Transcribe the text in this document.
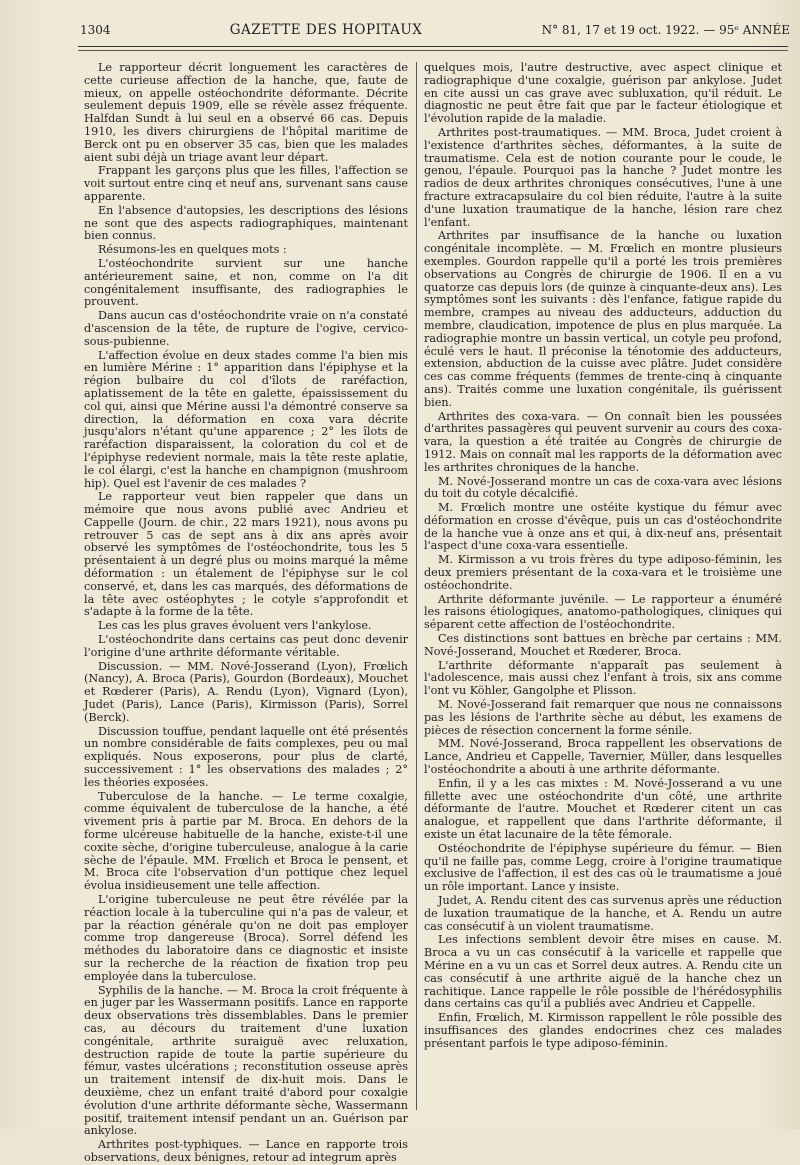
1304	GAZETTE DES HOPITAUX	N° 81, 17 et 19 oct. 1922. — 95ᵉ ANNÉE

Le rapporteur décrit longuement les caractères de cette curieuse affection de la hanche, que, faute de mieux, on appelle ostéochondrite déformante. Décrite seulement depuis 1909, elle se révèle assez fréquente. Halfdan Sundt à lui seul en a observé 66 cas. Depuis 1910, les divers chirurgiens de l'hôpital maritime de Berck ont pu en observer 35 cas, bien que les malades aient subi déjà un triage avant leur départ.

Frappant les garçons plus que les filles, l'affection se voit surtout entre cinq et neuf ans, survenant sans cause apparente.

En l'absence d'autopsies, les descriptions des lésions ne sont que des aspects radiographiques, maintenant bien connus.

Résumons-les en quelques mots :

L'ostéochondrite survient sur une hanche antérieurement saine, et non, comme on l'a dit congénitalement insuffisante, des radiographies le prouvent.

Dans aucun cas d'ostéochondrite vraie on n'a constaté d'ascension de la tête, de rupture de l'ogive, cervico-sous-pubienne.

L'affection évolue en deux stades comme l'a bien mis en lumière Mérine : 1° apparition dans l'épiphyse et la région bulbaire du col d'îlots de raréfaction, aplatissement de la tête en galette, épaississement du col qui, ainsi que Mérine aussi l'a démontré conserve sa direction, la déformation en coxa vara décrite jusqu'alors n'étant qu'une apparence ; 2° les îlots de raréfaction disparaissent, la coloration du col et de l'épiphyse redevient normale, mais la tête reste aplatie, le col élargi, c'est la hanche en champignon (mushroom hip). Quel est l'avenir de ces malades ?

Le rapporteur veut bien rappeler que dans un mémoire que nous avons publié avec Andrieu et Cappelle (Journ. de chir., 22 mars 1921), nous avons pu retrouver 5 cas de sept ans à dix ans après avoir observé les symptômes de l'ostéochondrite, tous les 5 présentaient à un degré plus ou moins marqué la même déformation : un étalement de l'épiphyse sur le col conservé, et, dans les cas marqués, des déformations de la tête avec ostéophytes ; le cotyle s'approfondit et s'adapte à la forme de la tête.

Les cas les plus graves évoluent vers l'ankylose.

L'ostéochondrite dans certains cas peut donc devenir l'origine d'une arthrite déformante véritable.

Discussion. — MM. Nové-Josserand (Lyon), Frœlich (Nancy), A. Broca (Paris), Gourdon (Bordeaux), Mouchet et Rœderer (Paris), A. Rendu (Lyon), Vignard (Lyon), Judet (Paris), Lance (Paris), Kirmisson (Paris), Sorrel (Berck).

Discussion touffue, pendant laquelle ont été présentés un nombre considérable de faits complexes, peu ou mal expliqués. Nous exposerons, pour plus de clarté, successivement : 1° les observations des malades ; 2° les théories exposées.

Tuberculose de la hanche. — Le terme coxalgie, comme équivalent de tuberculose de la hanche, a été vivement pris à partie par M. Broca. En dehors de la forme ulcéreuse habituelle de la hanche, existe-t-il une coxite sèche, d'origine tuberculeuse, analogue à la carie sèche de l'épaule. MM. Frœlich et Broca le pensent, et M. Broca cite l'observation d'un pottique chez lequel évolua insidieusement une telle affection.

L'origine tuberculeuse ne peut être révélée par la réaction locale à la tuberculine qui n'a pas de valeur, et par la réaction générale qu'on ne doit pas employer comme trop dangereuse (Broca). Sorrel défend les méthodes du laboratoire dans ce diagnostic et insiste sur la recherche de la réaction de fixation trop peu employée dans la tuberculose.

Syphilis de la hanche. — M. Broca la croit fréquente à en juger par les Wassermann positifs. Lance en rapporte deux observations très dissemblables. Dans le premier cas, au décours du traitement d'une luxation congénitale, arthrite suraiguë avec reluxation, destruction rapide de toute la partie supérieure du fémur, vastes ulcérations ; reconstitution osseuse après un traitement intensif de dix-huit mois. Dans le deuxième, chez un enfant traité d'abord pour coxalgie évolution d'une arthrite déformante sèche, Wassermann positif, traitement intensif pendant un an. Guérison par ankylose.

Arthrites post-typhiques. — Lance en rapporte trois observations, deux bénignes, retour ad integrum après

quelques mois, l'autre destructive, avec aspect clinique et radiographique d'une coxalgie, guérison par ankylose. Judet en cite aussi un cas grave avec subluxation, qu'il réduit. Le diagnostic ne peut être fait que par le facteur étiologique et l'évolution rapide de la maladie.

Arthrites post-traumatiques. — MM. Broca, Judet croient à l'existence d'arthrites sèches, déformantes, à la suite de traumatisme. Cela est de notion courante pour le coude, le genou, l'épaule. Pourquoi pas la hanche ? Judet montre les radios de deux arthrites chroniques consécutives, l'une à une fracture extracapsulaire du col bien réduite, l'autre à la suite d'une luxation traumatique de la hanche, lésion rare chez l'enfant.

Arthrites par insuffisance de la hanche ou luxation congénitale incomplète. — M. Frœlich en montre plusieurs exemples. Gourdon rappelle qu'il a porté les trois premières observations au Congrès de chirurgie de 1906. Il en a vu quatorze cas depuis lors (de quinze à cinquante-deux ans). Les symptômes sont les suivants : dès l'enfance, fatigue rapide du membre, crampes au niveau des adducteurs, adduction du membre, claudication, impotence de plus en plus marquée. La radiographie montre un bassin vertical, un cotyle peu profond, éculé vers le haut. Il préconise la ténotomie des adducteurs, extension, abduction de la cuisse avec plâtre. Judet considère ces cas comme fréquents (femmes de trente-cinq à cinquante ans). Traités comme une luxation congénitale, ils guérissent bien.

Arthrites des coxa-vara. — On connaît bien les poussées d'arthrites passagères qui peuvent survenir au cours des coxa-vara, la question a été traitée au Congrès de chirurgie de 1912. Mais on connaît mal les rapports de la déformation avec les arthrites chroniques de la hanche.

M. Nové-Josserand montre un cas de coxa-vara avec lésions du toit du cotyle décalcifié.

M. Frœlich montre une ostéite kystique du fémur avec déformation en crosse d'évêque, puis un cas d'ostéochondrite de la hanche vue à onze ans et qui, à dix-neuf ans, présentait l'aspect d'une coxa-vara essentielle.

M. Kirmisson a vu trois frères du type adiposo-féminin, les deux premiers présentant de la coxa-vara et le troisième une ostéochondrite.

Arthrite déformante juvénile. — Le rapporteur a énuméré les raisons étiologiques, anatomo-pathologiques, cliniques qui séparent cette affection de l'ostéochondrite.

Ces distinctions sont battues en brèche par certains : MM. Nové-Josserand, Mouchet et Rœderer, Broca.

L'arthrite déformante n'apparaît pas seulement à l'adolescence, mais aussi chez l'enfant à trois, six ans comme l'ont vu Köhler, Gangolphe et Plisson.

M. Nové-Josserand fait remarquer que nous ne connaissons pas les lésions de l'arthrite sèche au début, les examens de pièces de résection concernent la forme sénile.

MM. Nové-Josserand, Broca rappellent les observations de Lance, Andrieu et Cappelle, Tavernier, Müller, dans lesquelles l'ostéochondrite a abouti à une arthrite déformante.

Enfin, il y a les cas mixtes : M. Nové-Josserand a vu une fillette avec une ostéochondrite d'un côté, une arthrite déformante de l'autre. Mouchet et Rœderer citent un cas analogue, et rappellent que dans l'arthrite déformante, il existe un état lacunaire de la tête fémorale.

Ostéochondrite de l'épiphyse supérieure du fémur. — Bien qu'il ne faille pas, comme Legg, croire à l'origine traumatique exclusive de l'affection, il est des cas où le traumatisme a joué un rôle important. Lance y insiste.

Judet, A. Rendu citent des cas survenus après une réduction de luxation traumatique de la hanche, et A. Rendu un autre cas consécutif à un violent traumatisme.

Les infections semblent devoir être mises en cause. M. Broca a vu un cas consécutif à la varicelle et rappelle que Mérine en a vu un cas et Sorrel deux autres. A. Rendu cite un cas consécutif à une arthrite aiguë de la hanche chez un rachitique. Lance rappelle le rôle possible de l'hérédosyphilis dans certains cas qu'il a publiés avec Andrieu et Cappelle.

Enfin, Frœlich, M. Kirmisson rappellent le rôle possible des insuffisances des glandes endocrines chez ces malades présentant parfois le type adiposo-féminin.
